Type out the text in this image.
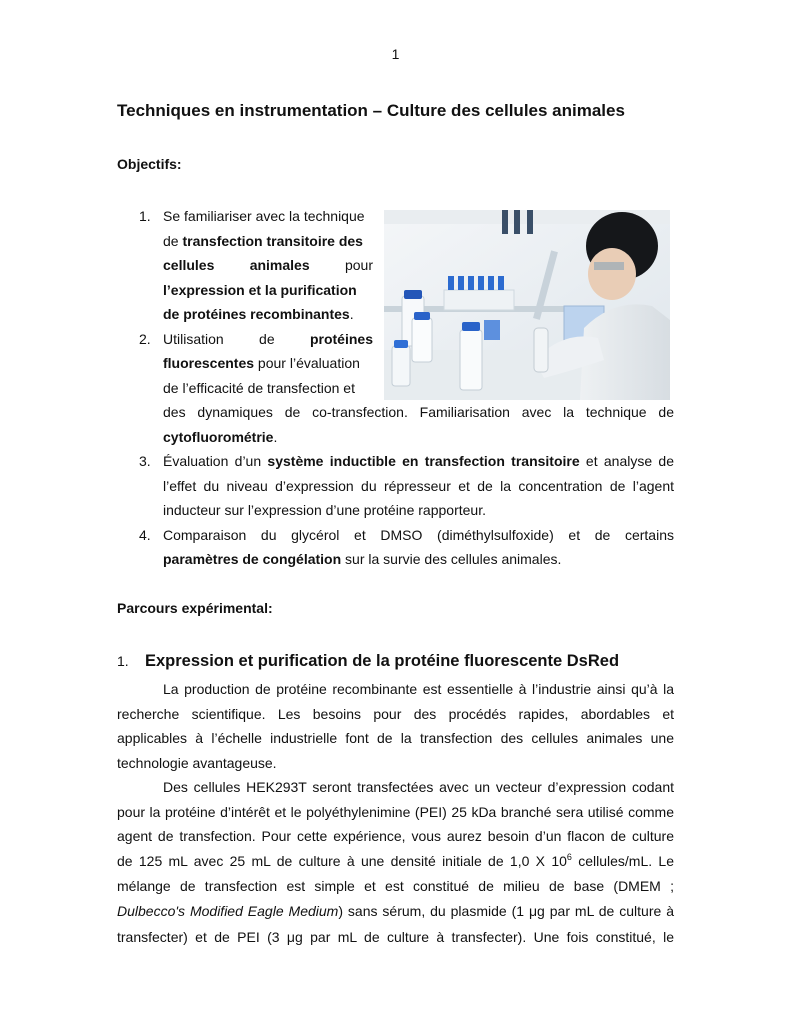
1
Techniques en instrumentation – Culture des cellules animales
Objectifs:
1. Se familiariser avec la technique
de transfection transitoire des
cellules	animales	pour
l’expression et la purification
de protéines recombinantes.
2. Utilisation	de	protéines
fluorescentes pour l’évaluation
de l’efficacité de transfection et
des dynamiques de co-transfection. Familiarisation avec la technique de
cytofluorométrie.
3. Évaluation d’un système inductible en transfection transitoire et analyse de
l’effet du niveau d’expression du répresseur et de la concentration de l’agent
inducteur sur l’expression d’une protéine rapporteur.
4. Comparaison du glycérol et DMSO (diméthylsulfoxide) et de certains
paramètres de congélation sur la survie des cellules animales.
Parcours expérimental:
1. Expression et purification de la protéine fluorescente DsRed
La production de protéine recombinante est essentielle à l’industrie ainsi qu’à la
recherche scientifique. Les besoins pour des procédés rapides, abordables et
applicables à l’échelle industrielle font de la transfection des cellules animales une
technologie avantageuse.
Des cellules HEK293T seront transfectées avec un vecteur d’expression codant
pour la protéine d’intérêt et le polyéthylenimine (PEI) 25 kDa branché sera utilisé comme
agent de transfection. Pour cette expérience, vous aurez besoin d’un flacon de culture
de 125 mL avec 25 mL de culture à une densité initiale de 1,0 X $10^6$ cellules/mL. Le
mélange de transfection est simple et est constitué de milieu de base (DMEM ;
Dulbecco's Modified Eagle Medium) sans sérum, du plasmide (1 μg par mL de culture à
transfecter) et de PEI (3 μg par mL de culture à transfecter). Une fois constitué, le
